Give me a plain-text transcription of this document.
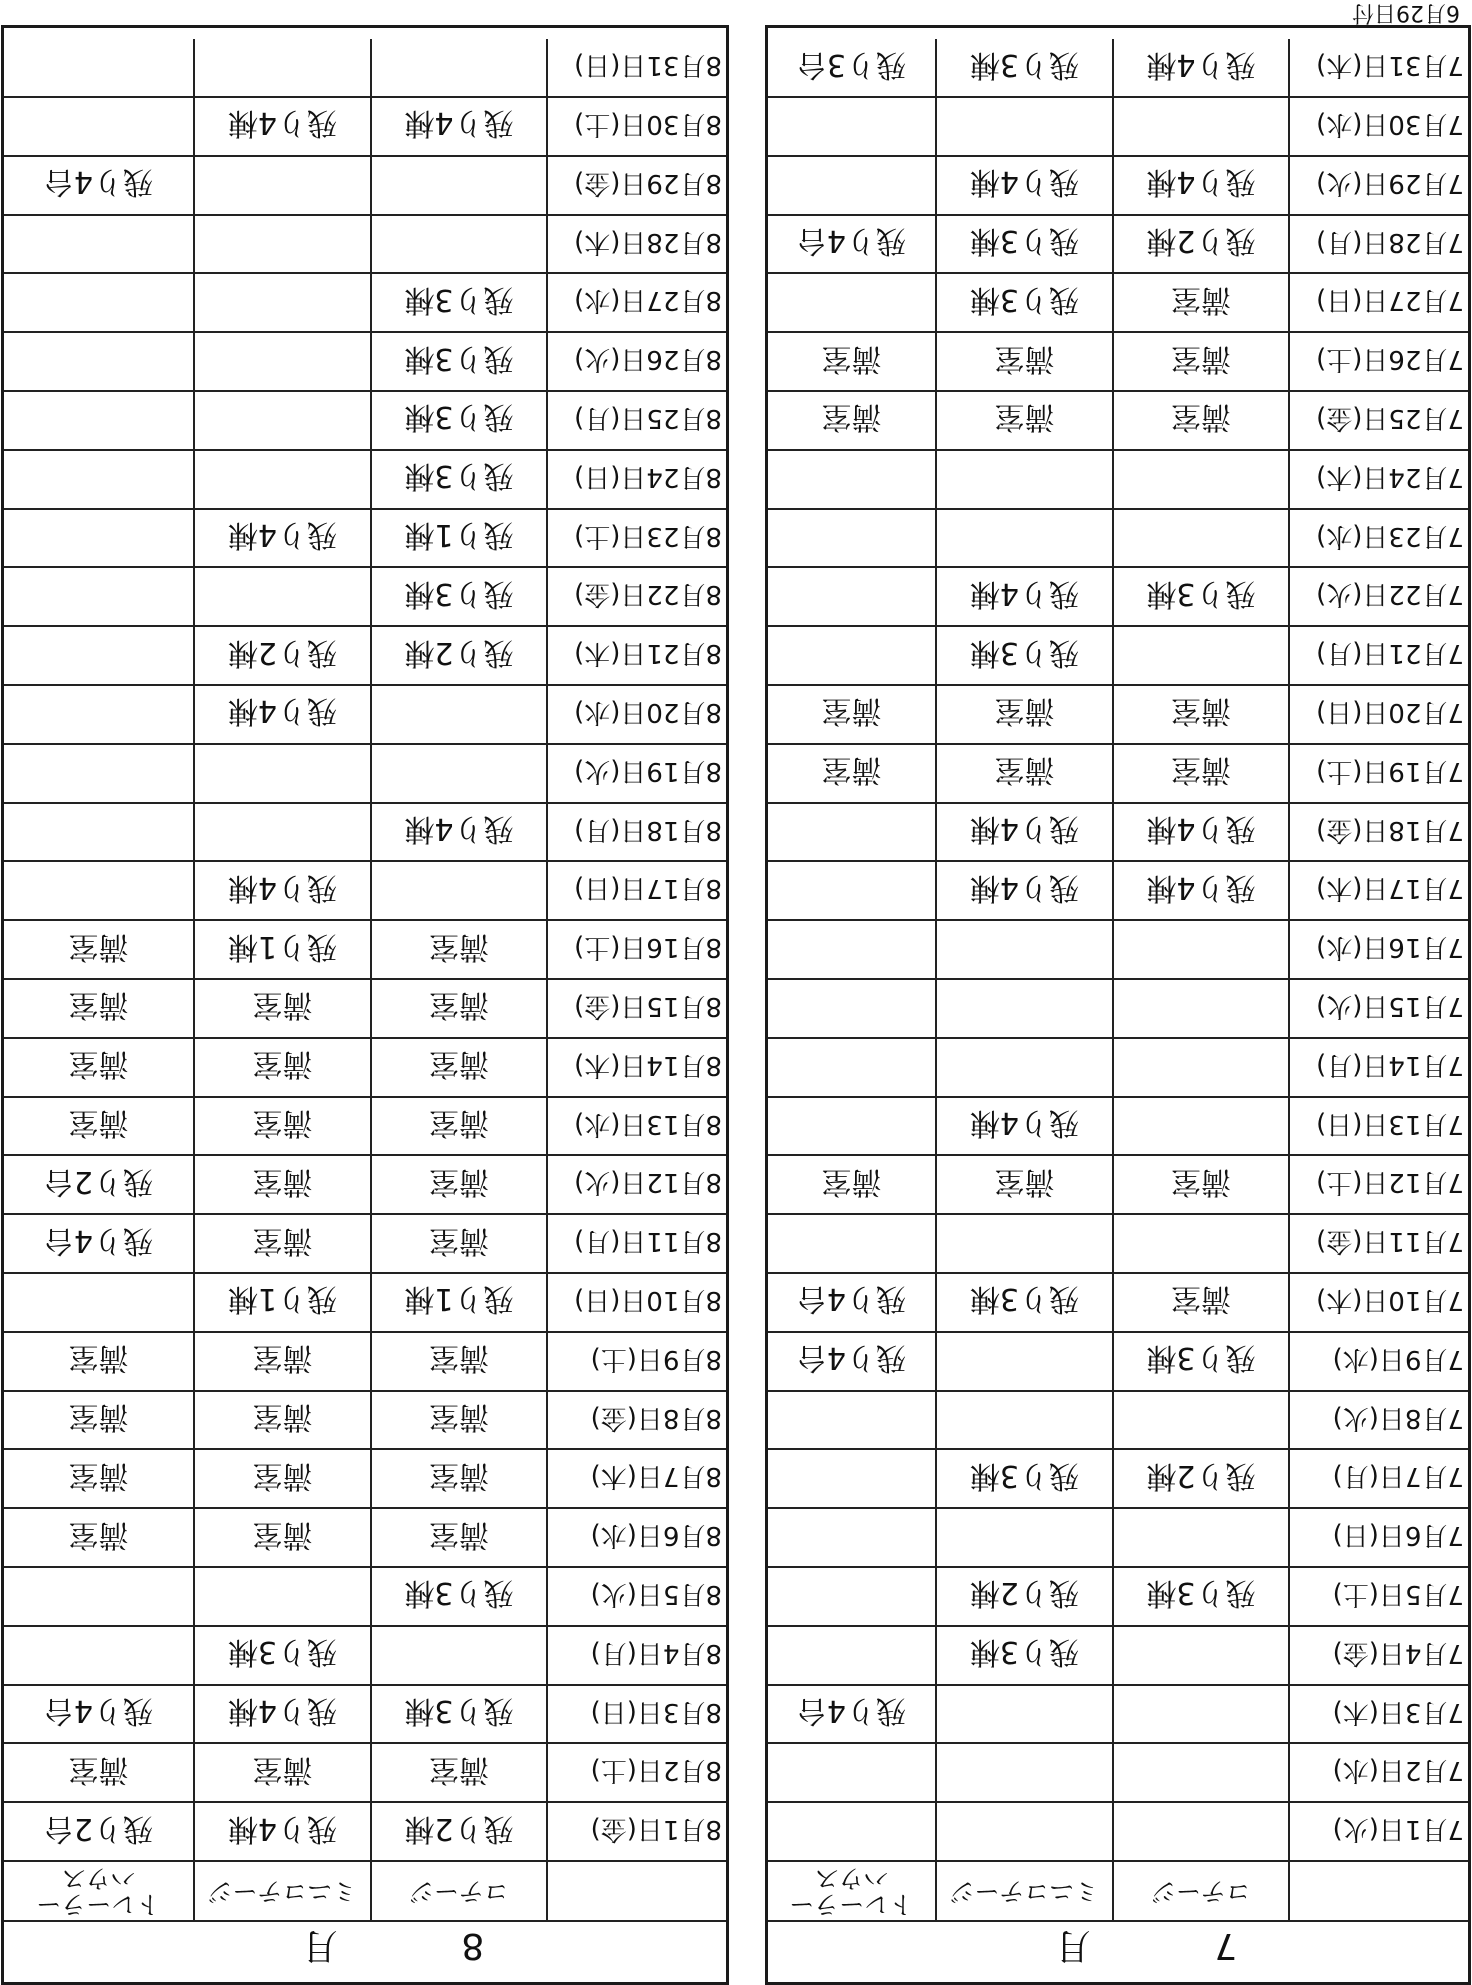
7 月
コテージ
ミニコテージ
トレーラー
ハウス
7月1日(火)
7月2日(水)
7月3日(木)
残り4台
7月4日(金)
残り3棟
7月5日(土)
残り3棟
残り2棟
7月6日(日)
7月7日(月)
残り2棟
残り3棟
7月8日(火)
7月9日(水)
残り3棟
残り4台
7月10日(木)
満室
残り3棟
残り4台
7月11日(金)
7月12日(土)
満室
満室
満室
7月13日(日)
残り4棟
7月14日(月)
7月15日(火)
7月16日(水)
7月17日(木)
残り4棟
残り4棟
7月18日(金)
残り4棟
残り4棟
7月19日(土)
満室
満室
満室
7月20日(日)
満室
満室
満室
7月21日(月)
残り3棟
7月22日(火)
残り3棟
残り4棟
7月23日(水)
7月24日(木)
7月25日(金)
満室
満室
満室
7月26日(土)
満室
満室
満室
7月27日(日)
満室
残り3棟
7月28日(月)
残り2棟
残り3棟
残り4台
7月29日(火)
残り4棟
残り4棟
7月30日(水)
7月31日(木)
残り4棟
残り3棟
残り3台
8 月
コテージ
ミニコテージ
トレーラー
ハウス
8月1日(金)
残り2棟
残り4棟
残り2台
8月2日(土)
満室
満室
満室
8月3日(日)
残り3棟
残り4棟
残り4台
8月4日(月)
残り3棟
8月5日(火)
残り3棟
8月6日(水)
満室
満室
満室
8月7日(木)
満室
満室
満室
8月8日(金)
満室
満室
満室
8月9日(土)
満室
満室
満室
8月10日(日)
残り1棟
残り1棟
8月11日(月)
満室
満室
残り4台
8月12日(火)
満室
満室
残り2台
8月13日(水)
満室
満室
満室
8月14日(木)
満室
満室
満室
8月15日(金)
満室
満室
満室
8月16日(土)
満室
残り1棟
満室
8月17日(日)
残り4棟
8月18日(月)
残り4棟
8月19日(火)
8月20日(水)
残り4棟
8月21日(木)
残り2棟
残り2棟
8月22日(金)
残り3棟
8月23日(土)
残り1棟
残り4棟
8月24日(日)
残り3棟
8月25日(月)
残り3棟
8月26日(火)
残り3棟
8月27日(水)
残り3棟
8月28日(木)
8月29日(金)
残り4台
8月30日(土)
残り4棟
残り4棟
8月31日(日)
6月29日付
